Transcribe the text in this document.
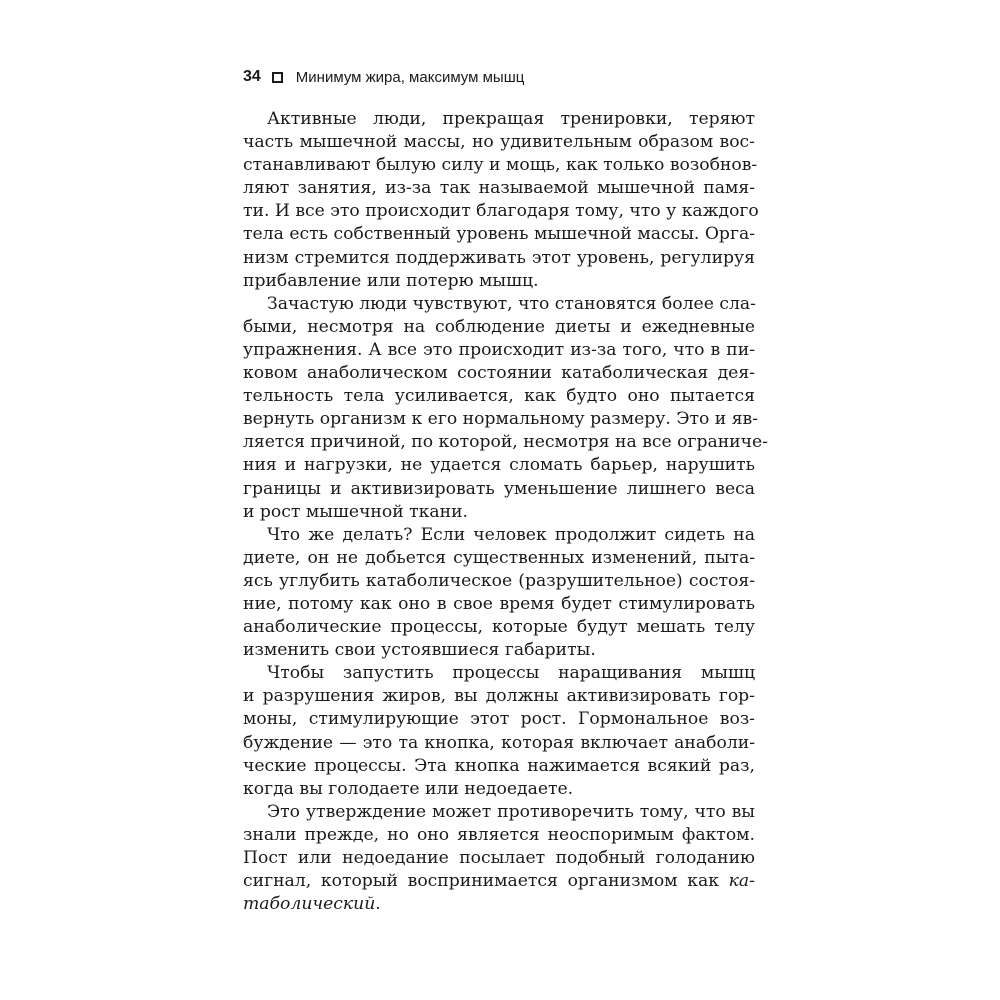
34 Минимум жира, максимум мышц
Активные люди, прекращая тренировки, теряют
часть мышечной массы, но удивительным образом вос-
станавливают былую силу и мощь, как только возобнов-
ляют занятия, из-за так называемой мышечной памя-
ти. И все это происходит благодаря тому, что у каждого
тела есть собственный уровень мышечной массы. Орга-
низм стремится поддерживать этот уровень, регулируя
прибавление или потерю мышц.
Зачастую люди чувствуют, что становятся более сла-
быми, несмотря на соблюдение диеты и ежедневные
упражнения. А все это происходит из-за того, что в пи-
ковом анаболическом состоянии катаболическая дея-
тельность тела усиливается, как будто оно пытается
вернуть организм к его нормальному размеру. Это и яв-
ляется причиной, по которой, несмотря на все ограниче-
ния и нагрузки, не удается сломать барьер, нарушить
границы и активизировать уменьшение лишнего веса
и рост мышечной ткани.
Что же делать? Если человек продолжит сидеть на
диете, он не добьется существенных изменений, пыта-
ясь углубить катаболическое (разрушительное) состоя-
ние, потому как оно в свое время будет стимулировать
анаболические процессы, которые будут мешать телу
изменить свои устоявшиеся габариты.
Чтобы запустить процессы наращивания мышц
и разрушения жиров, вы должны активизировать гор-
моны, стимулирующие этот рост. Гормональное воз-
буждение — это та кнопка, которая включает анаболи-
ческие процессы. Эта кнопка нажимается всякий раз,
когда вы голодаете или недоедаете.
Это утверждение может противоречить тому, что вы
знали прежде, но оно является неоспоримым фактом.
Пост или недоедание посылает подобный голоданию
сигнал, который воспринимается организмом как ка-
таболический.
